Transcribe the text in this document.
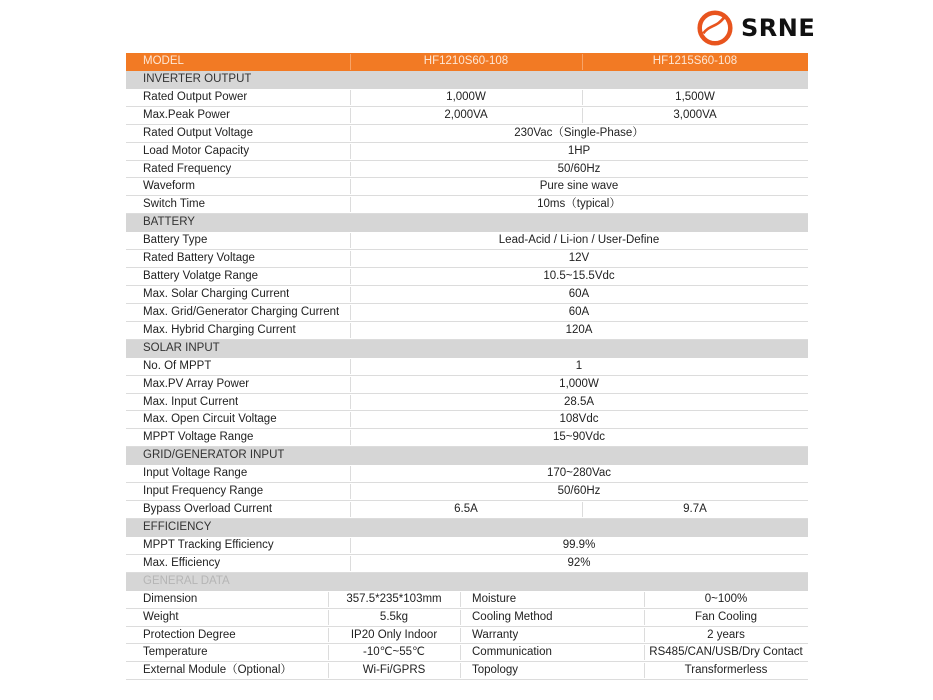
SRNE
MODEL	HF1210S60-108	HF1215S60-108
INVERTER OUTPUT
Rated Output Power	1,000W	1,500W
Max.Peak Power	2,000VA	3,000VA
Rated Output Voltage	230Vac（Single-Phase）
Load Motor Capacity	1HP
Rated Frequency	50/60Hz
Waveform	Pure sine wave
Switch Time	10ms（typical）
BATTERY
Battery Type	Lead-Acid / Li-ion / User-Define
Rated Battery Voltage	12V
Battery Volatge Range	10.5~15.5Vdc
Max. Solar Charging Current	60A
Max. Grid/Generator Charging Current	60A
Max. Hybrid Charging Current	120A
SOLAR INPUT
No. Of MPPT	1
Max.PV Array Power	1,000W
Max. Input Current	28.5A
Max. Open Circuit Voltage	108Vdc
MPPT Voltage Range	15~90Vdc
GRID/GENERATOR INPUT
Input Voltage Range	170~280Vac
Input Frequency Range	50/60Hz
Bypass Overload Current	6.5A	9.7A
EFFICIENCY
MPPT Tracking Efficiency	99.9%
Max. Efficiency	92%
GENERAL DATA
Dimension	357.5*235*103mm	Moisture	0~100%
Weight	5.5kg	Cooling Method	Fan Cooling
Protection Degree	IP20 Only Indoor	Warranty	2 years
Temperature	-10℃~55℃	Communication	RS485/CAN/USB/Dry Contact
External Module（Optional）	Wi-Fi/GPRS	Topology	Transformerless
